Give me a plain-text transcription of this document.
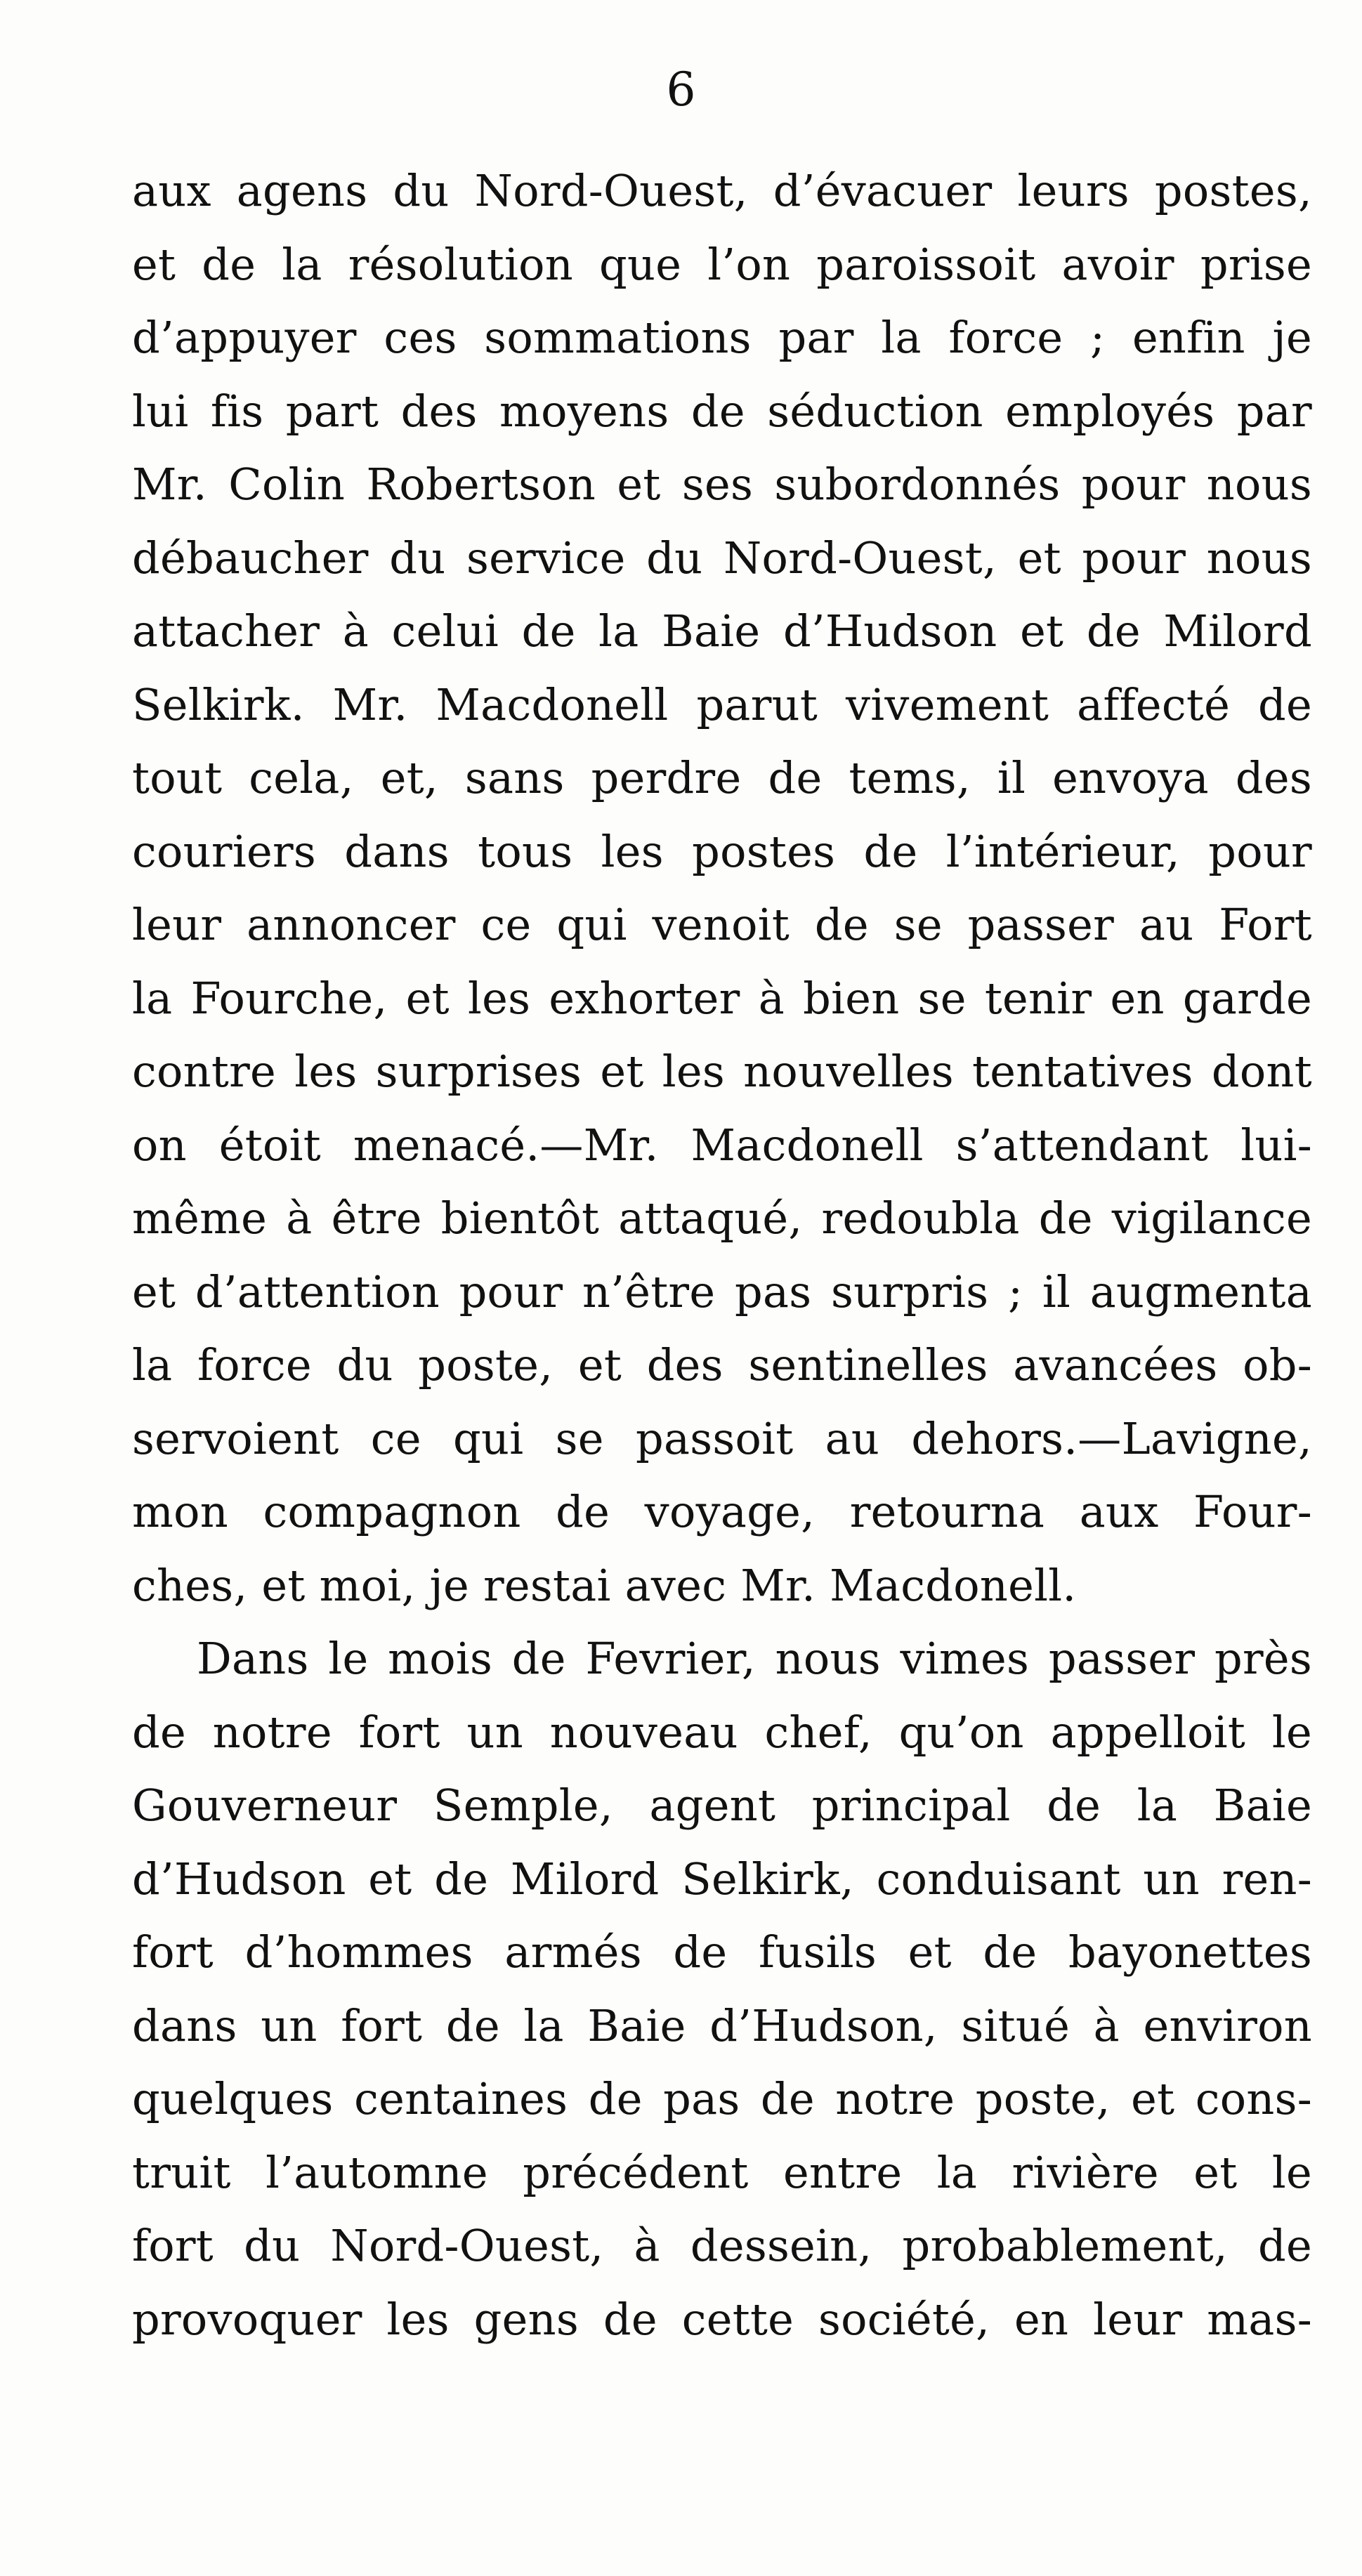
6
aux agens du Nord-Ouest, d’évacuer leurs postes,
et de la résolution que l’on paroissoit avoir prise
d’appuyer ces sommations par la force ; enfin je
lui fis part des moyens de séduction employés par
Mr. Colin Robertson et ses subordonnés pour nous
débaucher du service du Nord-Ouest, et pour nous
attacher à celui de la Baie d’Hudson et de Milord
Selkirk. Mr. Macdonell parut vivement affecté de
tout cela, et, sans perdre de tems, il envoya des
couriers dans tous les postes de l’intérieur, pour
leur annoncer ce qui venoit de se passer au Fort
la Fourche, et les exhorter à bien se tenir en garde
contre les surprises et les nouvelles tentatives dont
on étoit menacé.—Mr. Macdonell s’attendant lui-
même à être bientôt attaqué, redoubla de vigilance
et d’attention pour n’être pas surpris ; il augmenta
la force du poste, et des sentinelles avancées ob-
servoient ce qui se passoit au dehors.—Lavigne,
mon compagnon de voyage, retourna aux Four-
ches, et moi, je restai avec Mr. Macdonell.
Dans le mois de Fevrier, nous vimes passer près
de notre fort un nouveau chef, qu’on appelloit le
Gouverneur Semple, agent principal de la Baie
d’Hudson et de Milord Selkirk, conduisant un ren-
fort d’hommes armés de fusils et de bayonettes
dans un fort de la Baie d’Hudson, situé à environ
quelques centaines de pas de notre poste, et cons-
truit l’automne précédent entre la rivière et le
fort du Nord-Ouest, à dessein, probablement, de
provoquer les gens de cette société, en leur mas-
